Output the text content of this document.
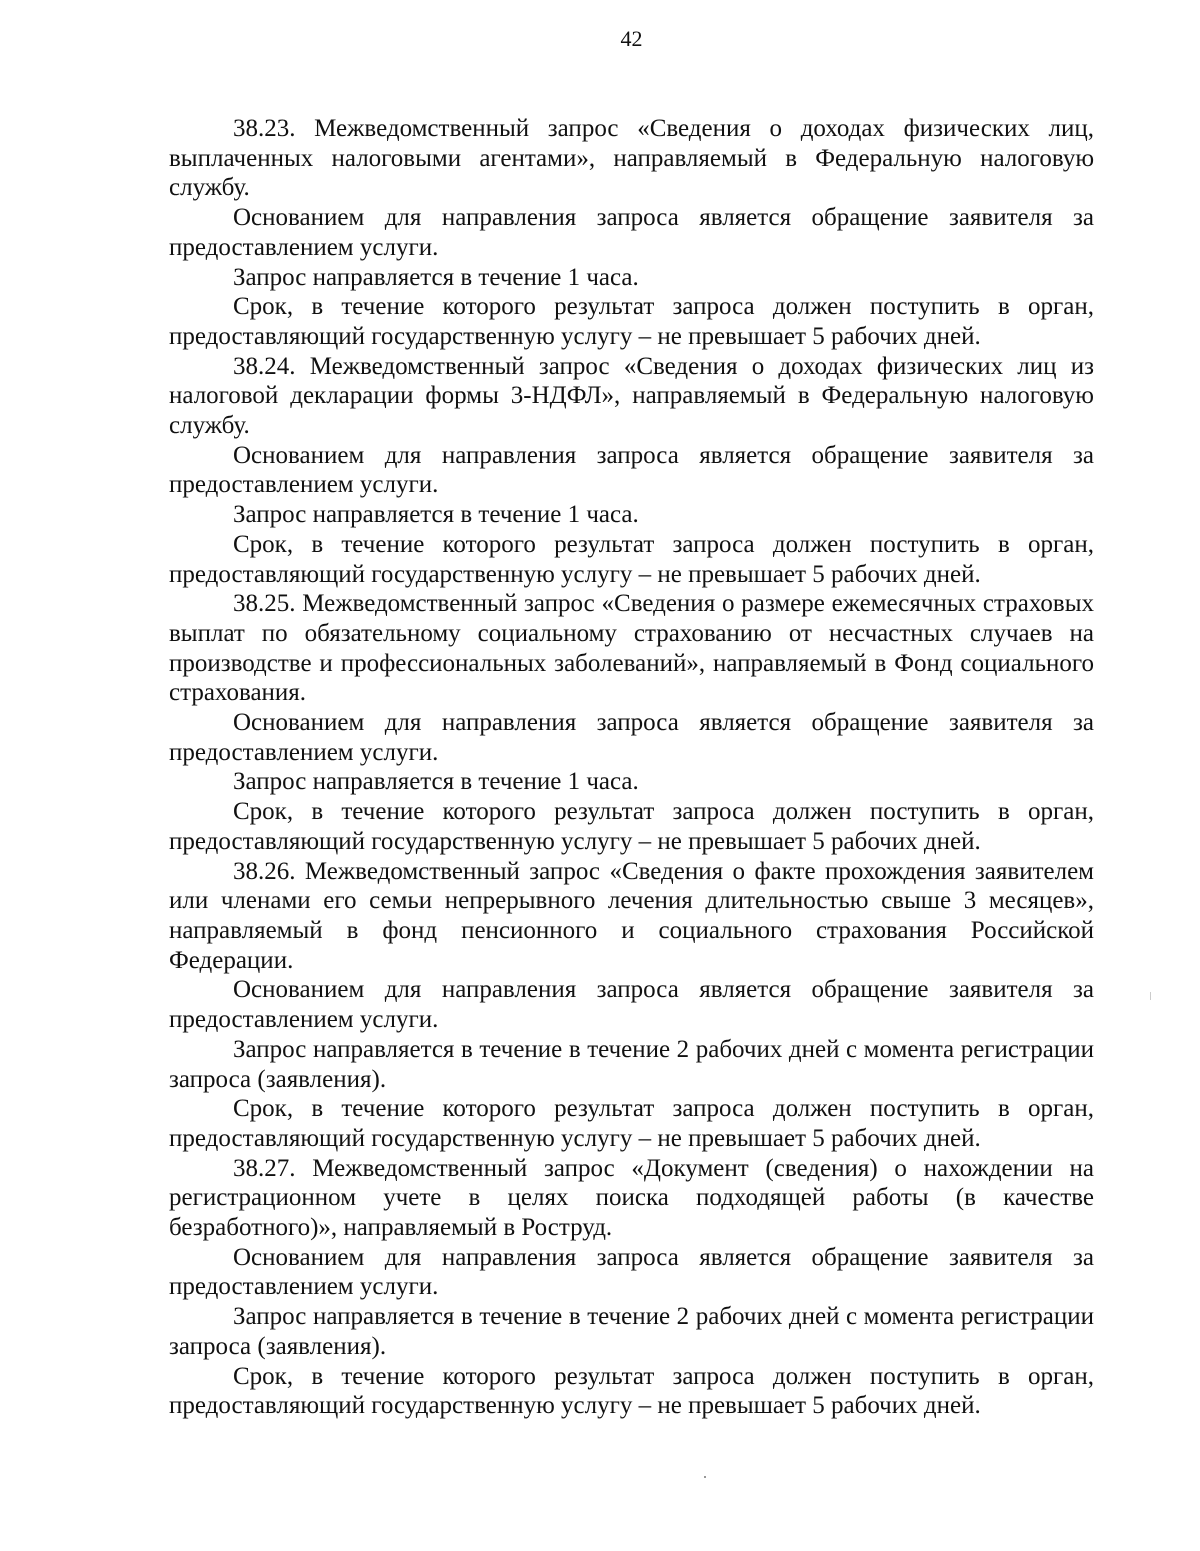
42

38.23. Межведомственный запрос «Сведения о доходах физических лиц, выплаченных налоговыми агентами», направляемый в Федеральную налоговую службу.

Основанием для направления запроса является обращение заявителя за предоставлением услуги.

Запрос направляется в течение 1 часа.

Срок, в течение которого результат запроса должен поступить в орган, предоставляющий государственную услугу – не превышает 5 рабочих дней.

38.24. Межведомственный запрос «Сведения о доходах физических лиц из налоговой декларации формы 3-НДФЛ», направляемый в Федеральную налоговую службу.

Основанием для направления запроса является обращение заявителя за предоставлением услуги.

Запрос направляется в течение 1 часа.

Срок, в течение которого результат запроса должен поступить в орган, предоставляющий государственную услугу – не превышает 5 рабочих дней.

38.25. Межведомственный запрос «Сведения о размере ежемесячных страховых выплат по обязательному социальному страхованию от несчастных случаев на производстве и профессиональных заболеваний», направляемый в Фонд социального страхования.

Основанием для направления запроса является обращение заявителя за предоставлением услуги.

Запрос направляется в течение 1 часа.

Срок, в течение которого результат запроса должен поступить в орган, предоставляющий государственную услугу – не превышает 5 рабочих дней.

38.26. Межведомственный запрос «Сведения о факте прохождения заявителем или членами его семьи непрерывного лечения длительностью свыше 3 месяцев», направляемый в фонд пенсионного и социального страхования Российской Федерации.

Основанием для направления запроса является обращение заявителя за предоставлением услуги.

Запрос направляется в течение в течение 2 рабочих дней с момента регистрации запроса (заявления).

Срок, в течение которого результат запроса должен поступить в орган, предоставляющий государственную услугу – не превышает 5 рабочих дней.

38.27. Межведомственный запрос «Документ (сведения) о нахождении на регистрационном учете в целях поиска подходящей работы (в качестве безработного)», направляемый в Роструд.

Основанием для направления запроса является обращение заявителя за предоставлением услуги.

Запрос направляется в течение в течение 2 рабочих дней с момента регистрации запроса (заявления).

Срок, в течение которого результат запроса должен поступить в орган, предоставляющий государственную услугу – не превышает 5 рабочих дней.
